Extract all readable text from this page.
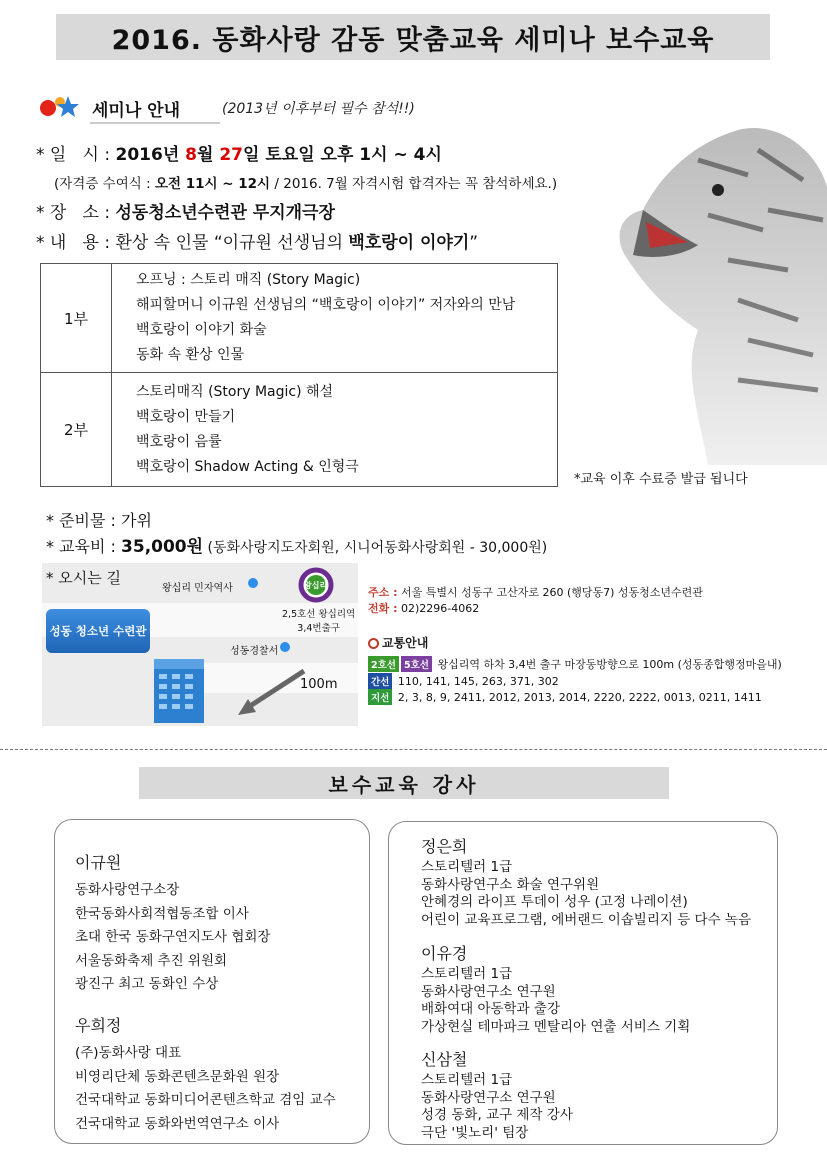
2016. 동화사랑 감동 맞춤교육 세미나 보수교육
세미나 안내	(2013년 이후부터 필수 참석!!)
* 일   시 : 2016년 8월 27일 토요일 오후 1시 ~ 4시
(자격증 수여식 : 오전 11시 ~ 12시 / 2016. 7월 자격시험 합격자는 꼭 참석하세요.)
* 장   소 : 성동청소년수련관 무지개극장
* 내   용 : 환상 속 인물 “이규원 선생님의 백호랑이 이야기”
1부	오프닝 : 스토리 매직 (Story Magic)
해피할머니 이규원 선생님의 “백호랑이 이야기” 저자와의 만남
백호랑이 이야기 화술
동화 속 환상 인물

2부	스토리매직 (Story Magic) 해설
백호랑이 만들기
백호랑이 음률
백호랑이 Shadow Acting & 인형극
*교육 이후 수료증 발급 됩니다
* 준비물 : 가위
* 교육비 : 35,000원 (동화사랑지도자회원, 시니어동화사랑회원 - 30,000원)
* 오시는 길
왕십리 민자역사	왕십리
2,5호선 왕십리역
3,4번출구
성동 청소년 수련관
성동경찰서
100m
주소 : 서울 특별시 성동구 고산자로 260 (행당동7) 성동청소년수련관
전화 : 02)2296-4062
교통안내
2호선 5호선 왕십리역 하차 3,4번 출구 마장동방향으로 100m (성동종합행정마을내)
간선 110, 141, 145, 263, 371, 302
지선 2, 3, 8, 9, 2411, 2012, 2013, 2014, 2220, 2222, 0013, 0211, 1411
보수교육 강사
이규원
동화사랑연구소장
한국동화사회적협동조합 이사
초대 한국 동화구연지도사 협회장
서울동화축제 추진 위원회
광진구 최고 동화인 수상
우희정
(주)동화사랑 대표
비영리단체 동화콘텐츠문화원 원장
건국대학교 동화미디어콘텐츠학교 겸임 교수
건국대학교 동화와번역연구소 이사
정은희
스토리텔러 1급
동화사랑연구소 화술 연구위원
안혜경의 라이프 투데이 성우 (고정 나레이션)
어린이 교육프로그램, 에버랜드 이솝빌리지 등 다수 녹음
이유경
스토리텔러 1급
동화사랑연구소 연구원
배화여대 아동학과 출강
가상현실 테마파크 멘탈리아 연출 서비스 기획
신삼철
스토리텔러 1급
동화사랑연구소 연구원
성경 동화, 교구 제작 강사
극단 '빛노리' 팀장
